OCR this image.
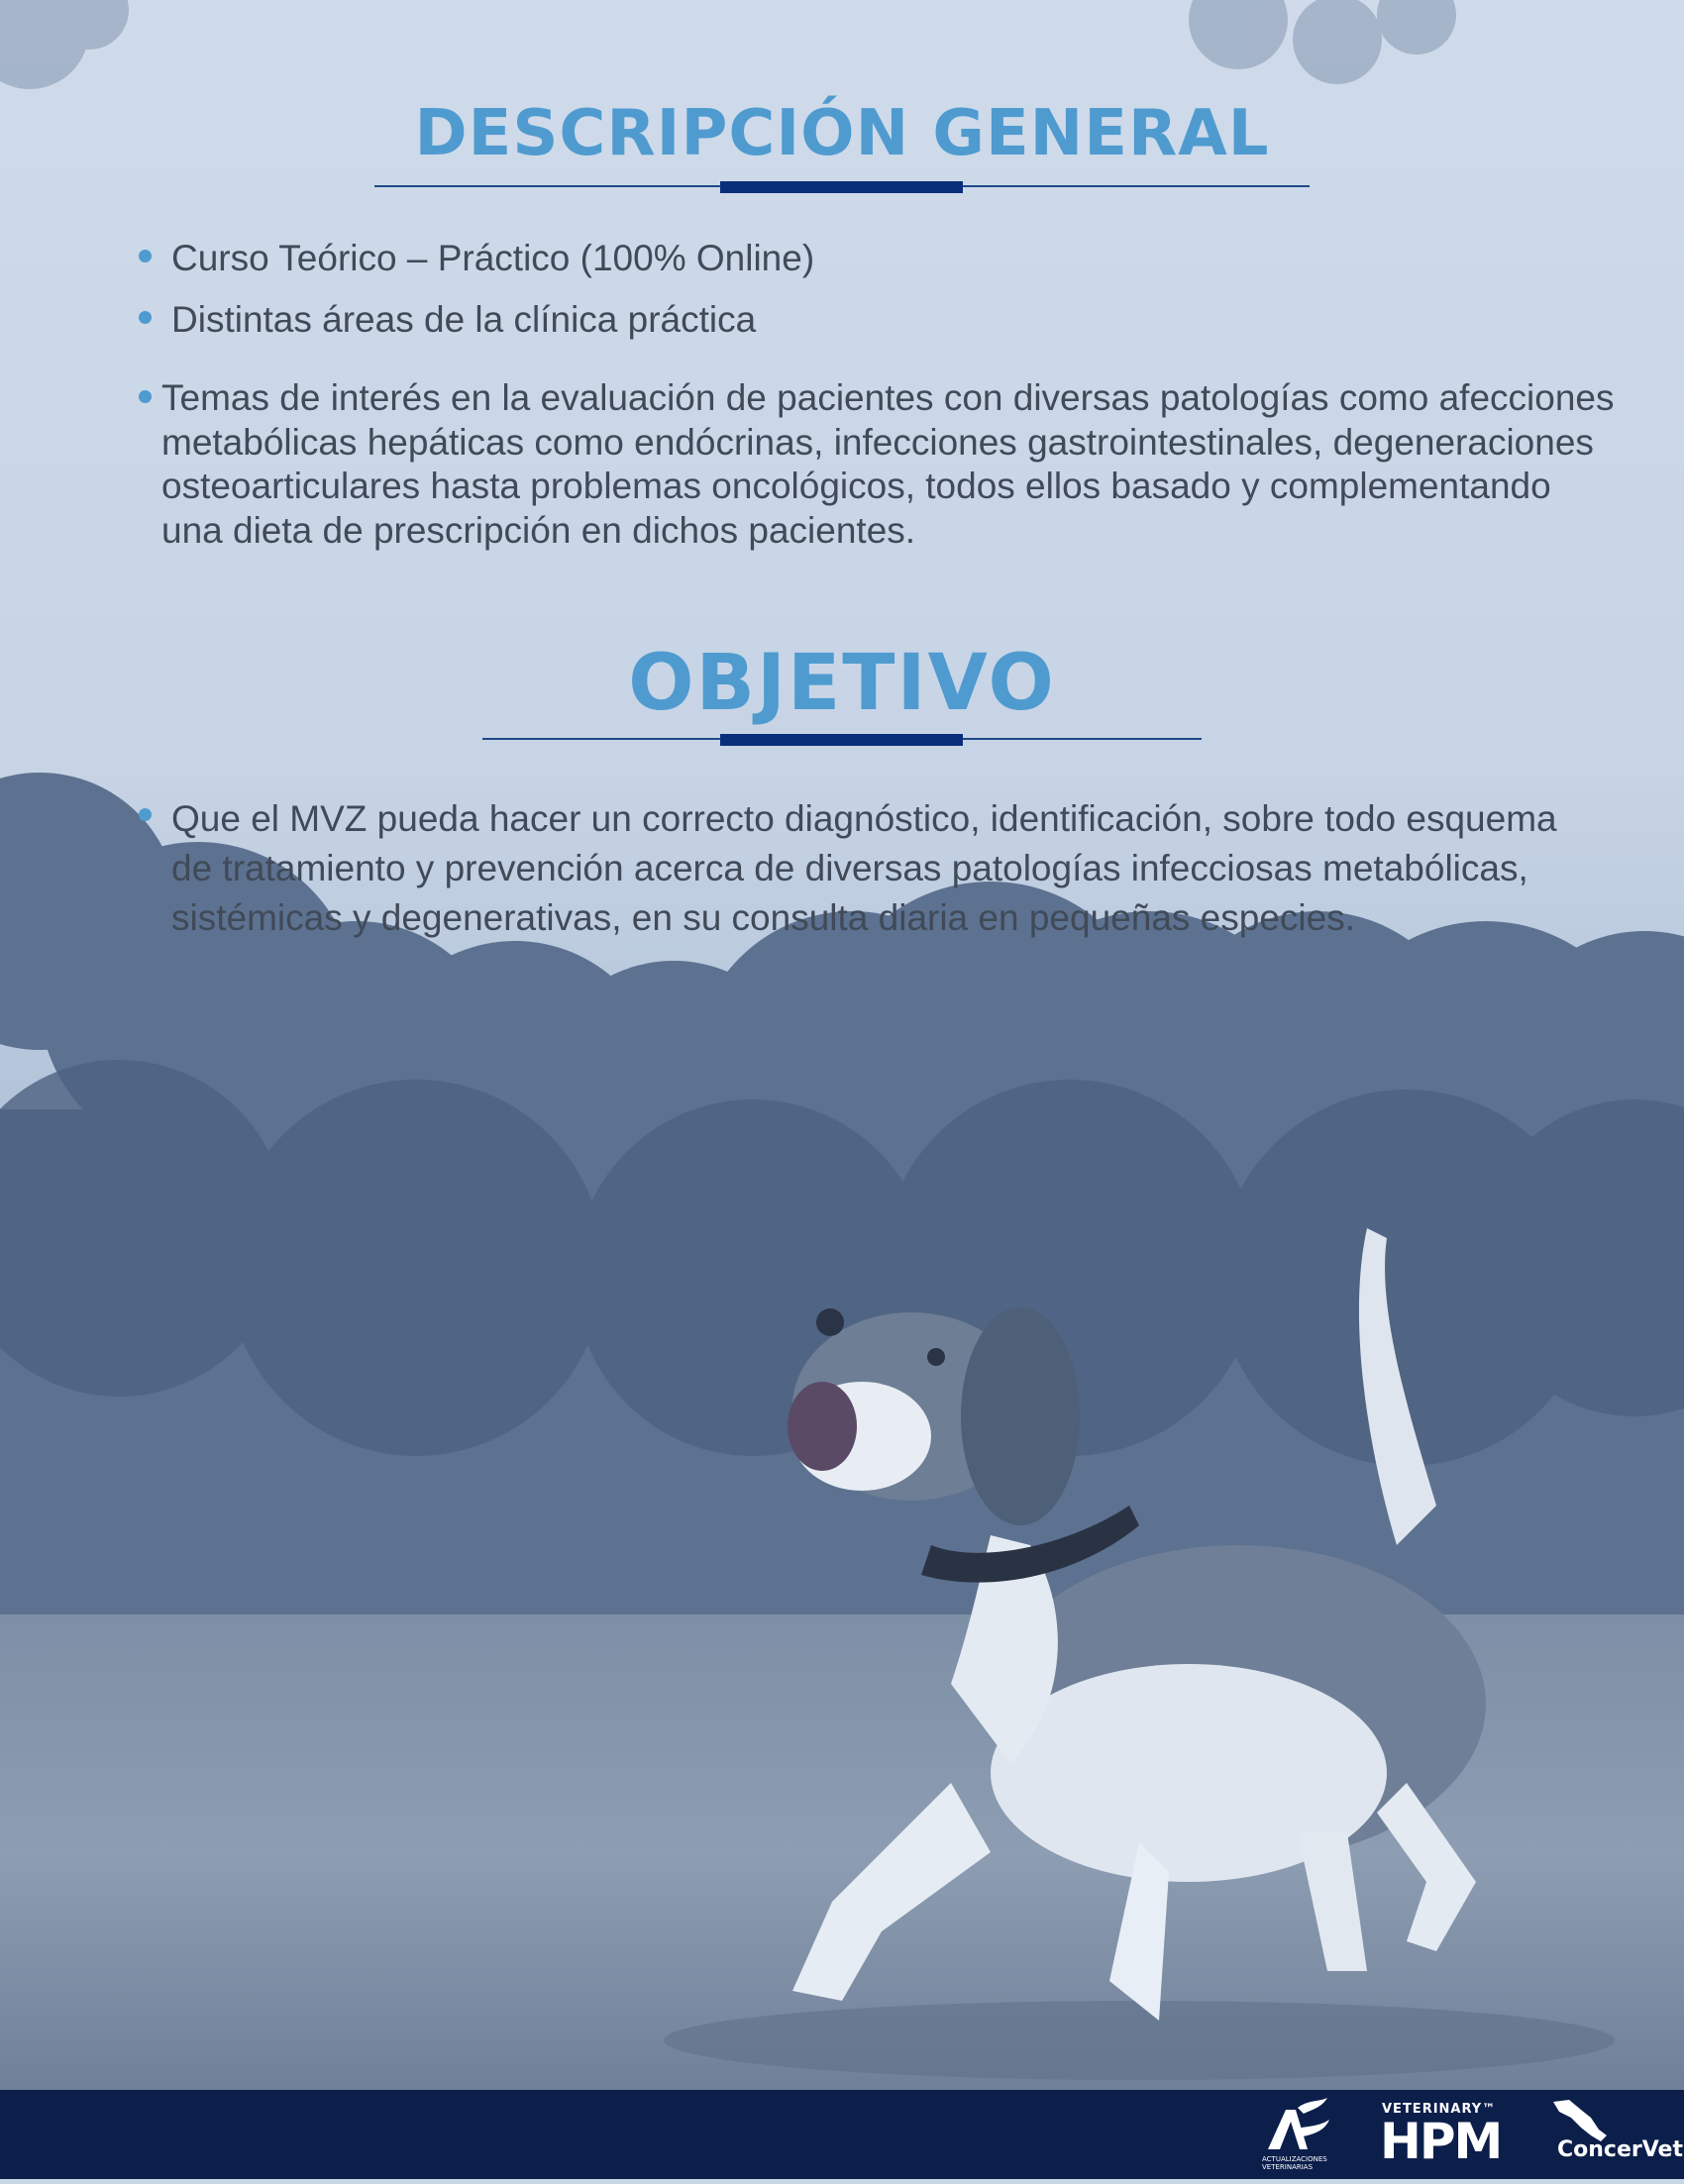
DESCRIPCIÓN GENERAL
Curso Teórico – Práctico (100% Online)
Distintas áreas de la clínica práctica
Temas de interés en la evaluación de pacientes con diversas patologías como afecciones metabólicas hepáticas como endócrinas, infecciones gastrointestinales, degeneraciones osteoarticulares hasta problemas oncológicos, todos ellos basado y complementando una dieta de prescripción en dichos pacientes.
OBJETIVO
Que el MVZ pueda hacer un correcto diagnóstico, identificación, sobre todo esquema de tratamiento y prevención acerca de diversas patologías infecciosas metabólicas, sistémicas y degenerativas, en su consulta diaria en pequeñas especies.
ACTUALIZACIONES VETERINARIAS
VETERINARY™
HPM	ConcerVet
